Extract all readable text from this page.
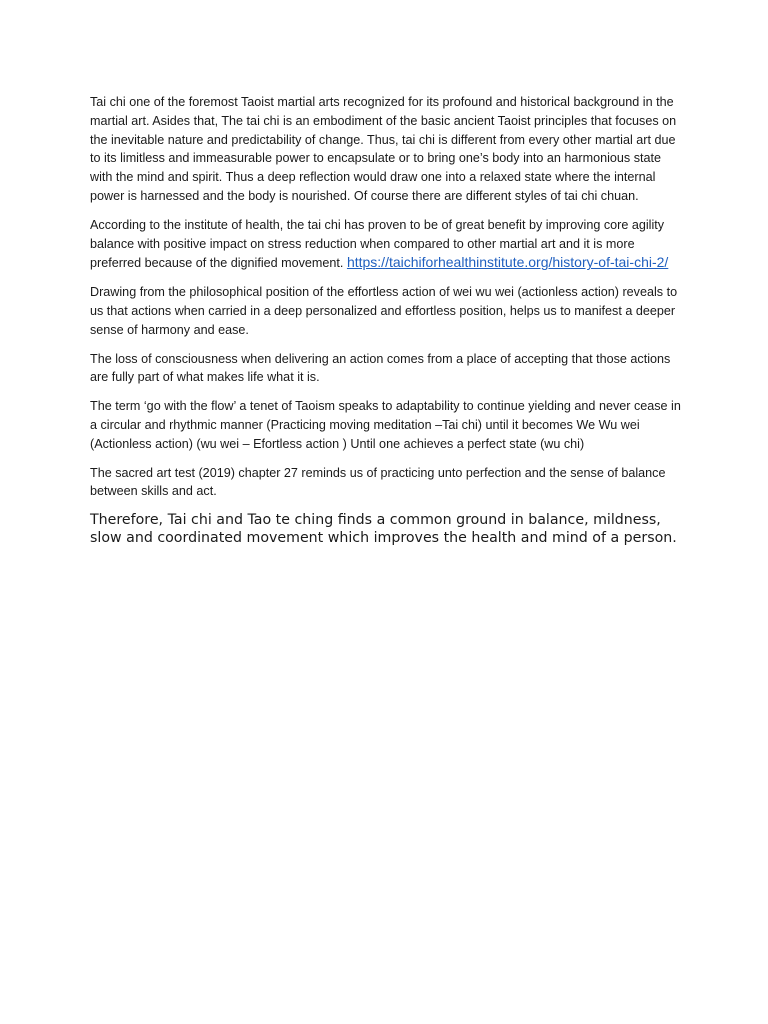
Tai chi one of the foremost Taoist martial arts recognized for its profound and historical background in the martial art. Asides that, The tai chi is an embodiment of the basic ancient Taoist principles that focuses on the inevitable nature and predictability of change. Thus, tai chi is different from every other martial art due to its limitless and immeasurable power to encapsulate or to bring one’s body into an harmonious state with the mind and spirit. Thus a deep reflection would draw one into a relaxed state where the internal power is harnessed and the body is nourished. Of course there are different styles of tai chi chuan.

According to the institute of health, the tai chi has proven to be of great benefit by improving core agility balance with positive impact on stress reduction when compared to other martial art and it is more preferred because of the dignified movement. https://taichiforhealthinstitute.org/history-of-tai-chi-2/

Drawing from the philosophical position of the effortless action of wei wu wei (actionless action) reveals to us that actions when carried in a deep personalized and effortless position, helps us to manifest a deeper sense of harmony and ease.

The loss of consciousness when delivering an action comes from a place of accepting that those actions are fully part of what makes life what it is.

The term ‘go with the flow’ a tenet of Taoism speaks to adaptability to continue yielding and never cease in a circular and rhythmic manner (Practicing moving meditation –Tai chi) until it becomes We Wu wei (Actionless action) (wu wei – Efortless action ) Until one achieves a perfect state (wu chi)

The sacred art test (2019) chapter 27 reminds us of practicing unto perfection and the sense of balance between skills and act.

Therefore, Tai chi and Tao te ching finds a common ground in balance, mildness, slow and coordinated movement which improves the health and mind of a person.
